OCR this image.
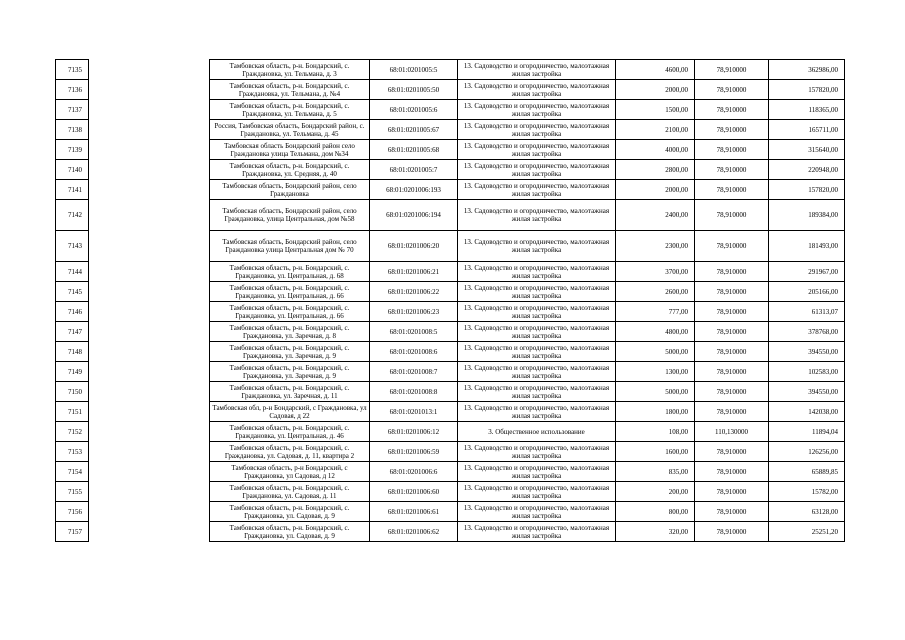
7135		Тамбовская область, р-н. Бондарский, с. Граждановка, ул. Тельмана, д. 3	68:01:0201005:5	13. Садоводство и огородничество, малоэтажная жилая застройка	4600,00	78,910000	362986,00
7136		Тамбовская область, р-н. Бондарский, с. Граждановка, ул. Тельмана, д. №4	68:01:0201005:50	13. Садоводство и огородничество, малоэтажная жилая застройка	2000,00	78,910000	157820,00
7137		Тамбовская область, р-н. Бондарский, с. Граждановка, ул. Тельмана, д. 5	68:01:0201005:6	13. Садоводство и огородничество, малоэтажная жилая застройка	1500,00	78,910000	118365,00
7138		Россия, Тамбовская область, Бондарский район, с. Граждановка, ул. Тельмана, д. 45	68:01:0201005:67	13. Садоводство и огородничество, малоэтажная жилая застройка	2100,00	78,910000	165711,00
7139		Тамбовская область Бондарский район село Граждановка улица Тельмана, дом №34	68:01:0201005:68	13. Садоводство и огородничество, малоэтажная жилая застройка	4000,00	78,910000	315640,00
7140		Тамбовская область, р-н. Бондарский, с. Граждановка, ул. Средняя, д. 40	68:01:0201005:7	13. Садоводство и огородничество, малоэтажная жилая застройка	2800,00	78,910000	220948,00
7141		Тамбовская область, Бондарский район, село Граждановка	68:01:0201006:193	13. Садоводство и огородничество, малоэтажная жилая застройка	2000,00	78,910000	157820,00
7142		Тамбовская область, Бондарский район, село Граждановка, улица Центральная, дом №58	68:01:0201006:194	13. Садоводство и огородничество, малоэтажная жилая застройка	2400,00	78,910000	189384,00
7143		Тамбовская область, Бондарский район, село Граждановка улица Центральная дом № 70	68:01:0201006:20	13. Садоводство и огородничество, малоэтажная жилая застройка	2300,00	78,910000	181493,00
7144		Тамбовская область, р-н. Бондарский, с. Граждановка, ул. Центральная, д. 68	68:01:0201006:21	13. Садоводство и огородничество, малоэтажная жилая застройка	3700,00	78,910000	291967,00
7145		Тамбовская область, р-н. Бондарский, с. Граждановка, ул. Центральная, д. 66	68:01:0201006:22	13. Садоводство и огородничество, малоэтажная жилая застройка	2600,00	78,910000	205166,00
7146		Тамбовская область, р-н. Бондарский, с. Граждановка, ул. Центральная, д. 66	68:01:0201006:23	13. Садоводство и огородничество, малоэтажная жилая застройка	777,00	78,910000	61313,07
7147		Тамбовская область, р-н. Бондарский, с. Граждановка, ул. Заречная, д. 8	68:01:0201008:5	13. Садоводство и огородничество, малоэтажная жилая застройка	4800,00	78,910000	378768,00
7148		Тамбовская область, р-н. Бондарский, с. Граждановка, ул. Заречная, д. 9	68:01:0201008:6	13. Садоводство и огородничество, малоэтажная жилая застройка	5000,00	78,910000	394550,00
7149		Тамбовская область, р-н. Бондарский, с. Граждановка, ул. Заречная, д. 9	68:01:0201008:7	13. Садоводство и огородничество, малоэтажная жилая застройка	1300,00	78,910000	102583,00
7150		Тамбовская область, р-н. Бондарский, с. Граждановка, ул. Заречная, д. 11	68:01:0201008:8	13. Садоводство и огородничество, малоэтажная жилая застройка	5000,00	78,910000	394550,00
7151		Тамбовская обл, р-н Бондарский, с Граждановка, ул Садовая, д 22	68:01:0201013:1	13. Садоводство и огородничество, малоэтажная жилая застройка	1800,00	78,910000	142038,00
7152		Тамбовская область, р-н. Бондарский, с. Граждановка, ул. Центральная, д. 46	68:01:0201006:12	3. Общественное использование	108,00	110,130000	11894,04
7153		Тамбовская область, р-н. Бондарский, с. Граждановка, ул. Садовая, д. 11, квартира 2	68:01:0201006:59	13. Садоводство и огородничество, малоэтажная жилая застройка	1600,00	78,910000	126256,00
7154		Тамбовская область, р-н Бондарский, с Граждановка, ул Садовая, д 12	68:01:0201006:6	13. Садоводство и огородничество, малоэтажная жилая застройка	835,00	78,910000	65889,85
7155		Тамбовская область, р-н. Бондарский, с. Граждановка, ул. Садовая, д. 11	68:01:0201006:60	13. Садоводство и огородничество, малоэтажная жилая застройка	200,00	78,910000	15782,00
7156		Тамбовская область, р-н. Бондарский, с. Граждановка, ул. Садовая, д. 9	68:01:0201006:61	13. Садоводство и огородничество, малоэтажная жилая застройка	800,00	78,910000	63128,00
7157		Тамбовская область, р-н. Бондарский, с. Граждановка, ул. Садовая, д. 9	68:01:0201006:62	13. Садоводство и огородничество, малоэтажная жилая застройка	320,00	78,910000	25251,20
